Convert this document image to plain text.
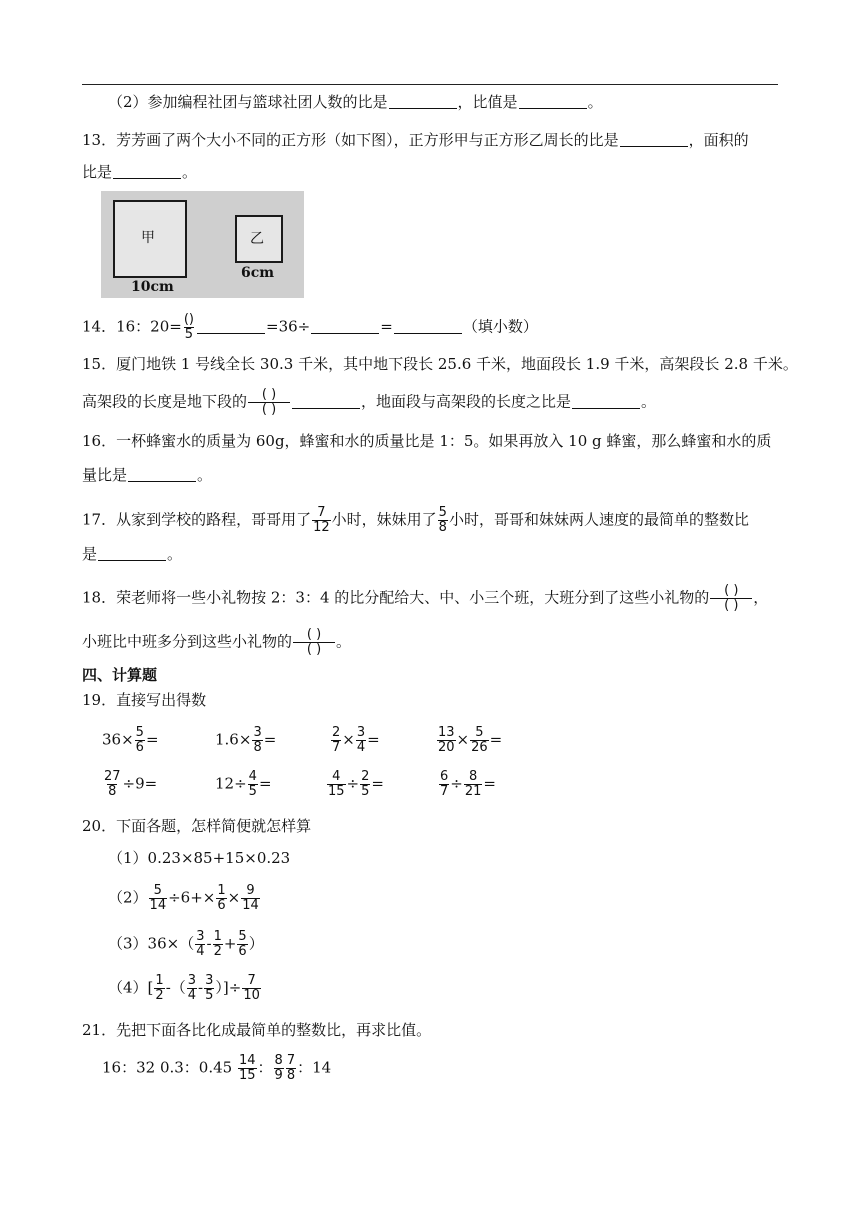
（2）参加编程社团与篮球社团人数的比是	，比值是	。
13．芳芳画了两个大小不同的正方形（如下图），正方形甲与正方形乙周长的比是	，面积的
比是	。
甲
10cm
乙
6cm
14．16：$20= \frac{()}{5}$	=36÷	=	（填小数）
15．厦门地铁 1 号线全长 30.3 千米，其中地下段长 25.6 千米，地面段长 1.9 千米，高架段长 2.8 千米。
高架段的长度是地下段的 $\frac{( )}{( )}$	，地面段与高架段的长度之比是	。
16．一杯蜂蜜水的质量为 60g，蜂蜜和水的质量比是 1：5。如果再放入 10 g 蜂蜜，那么蜂蜜和水的质
量比是	。
17．从家到学校的路程，哥哥用了 $\frac{7}{12}$ 小时，妹妹用了 $\frac{5}{8}$ 小时，哥哥和妹妹两人速度的最简单的整数比
是	。
18．荣老师将一些小礼物按 2：3：4 的比分配给大、中、小三个班，大班分到了这些小礼物的 $\frac{( )}{( )}$ ，
小班比中班多分到这些小礼物的 $\frac{( )}{( )}$ 。
四、计算题
19．直接写出得数
$36\times \frac{5}{6}$ =	$1.6\times \frac{3}{8}$ =	$\frac{2}{7} \times \frac{3}{4}$ =	$\frac{13}{20} \times \frac{5}{26}$ =
$\frac{27}{8} \div 9=$	$12\div \frac{4}{5}$ =	$\frac{4}{15} \div \frac{2}{5}$ =	$\frac{6}{7} \div \frac{8}{21}$ =
20．下面各题，怎样简便就怎样算
（1）0.23×85+15×0.23
$(2) \frac{5}{14} \div 6+\times \frac{1}{6} \times \frac{9}{14}$
$(3)36\times( \frac{3}{4} - \frac{1}{2} + \frac{5}{6}$ ）
$(4)[ \frac{1}{2}$ -（ $\frac{3}{4} - \frac{3}{5}$ ）]÷ $\frac{7}{10}$
21．先把下面各比化成最简单的整数比，再求比值。
16：32 0.3：$0.45 \frac{14}{15}$ ： $\frac{8}{9} \frac{7}{8}$ ：14
